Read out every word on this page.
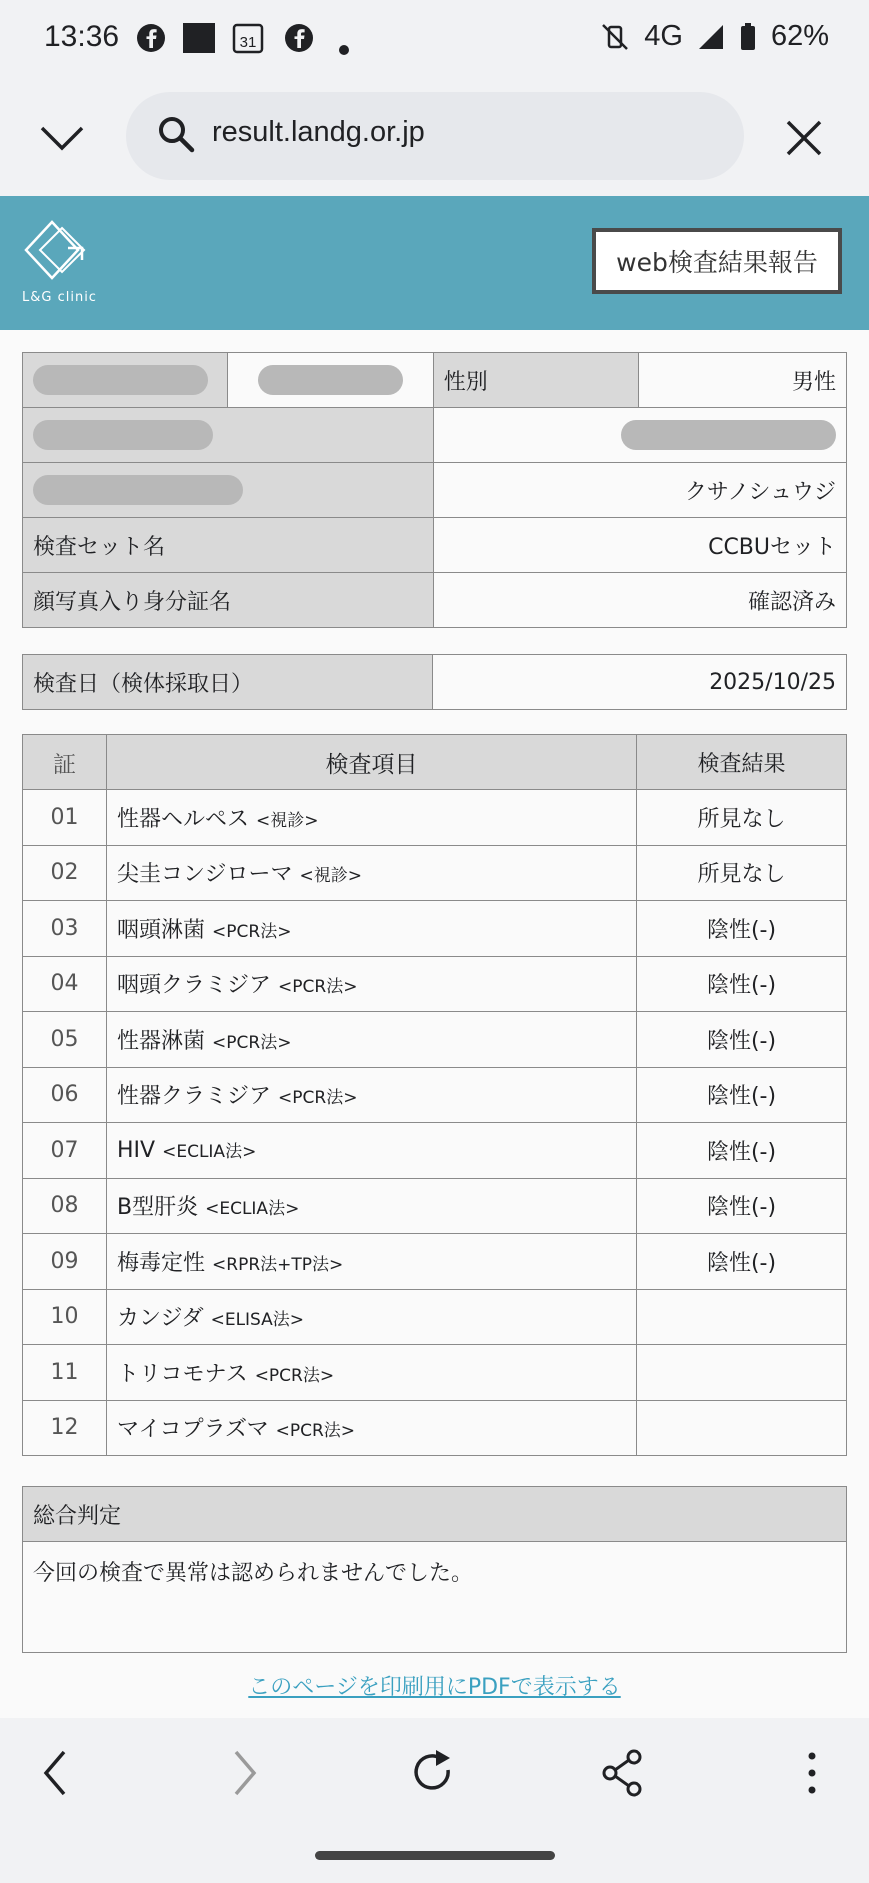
13:36	31	4G	62%
result.landg.or.jp
L&G clinic
web検査結果報告
		性別	男性

		クサノシュウジ	
検査セット名		CCBUセット	
顔写真入り身分証名		確認済み	
検査日（検体採取日）	2025/10/25
証	検査項目	検査結果
01	性器ヘルペス <視診>	所見なし
02	尖圭コンジローマ <視診>	所見なし
03	咽頭淋菌 <PCR法>	陰性(-)
04	咽頭クラミジア <PCR法>	陰性(-)
05	性器淋菌 <PCR法>	陰性(-)
06	性器クラミジア <PCR法>	陰性(-)
07	HIV <ECLIA法>	陰性(-)
08	B型肝炎 <ECLIA法>	陰性(-)
09	梅毒定性 <RPR法+TP法>	陰性(-)
10	カンジダ <ELISA法>	
11	トリコモナス <PCR法>	
12	マイコプラズマ <PCR法>	
総合判定
今回の検査で異常は認められませんでした。
このページを印刷用にPDFで表示する
